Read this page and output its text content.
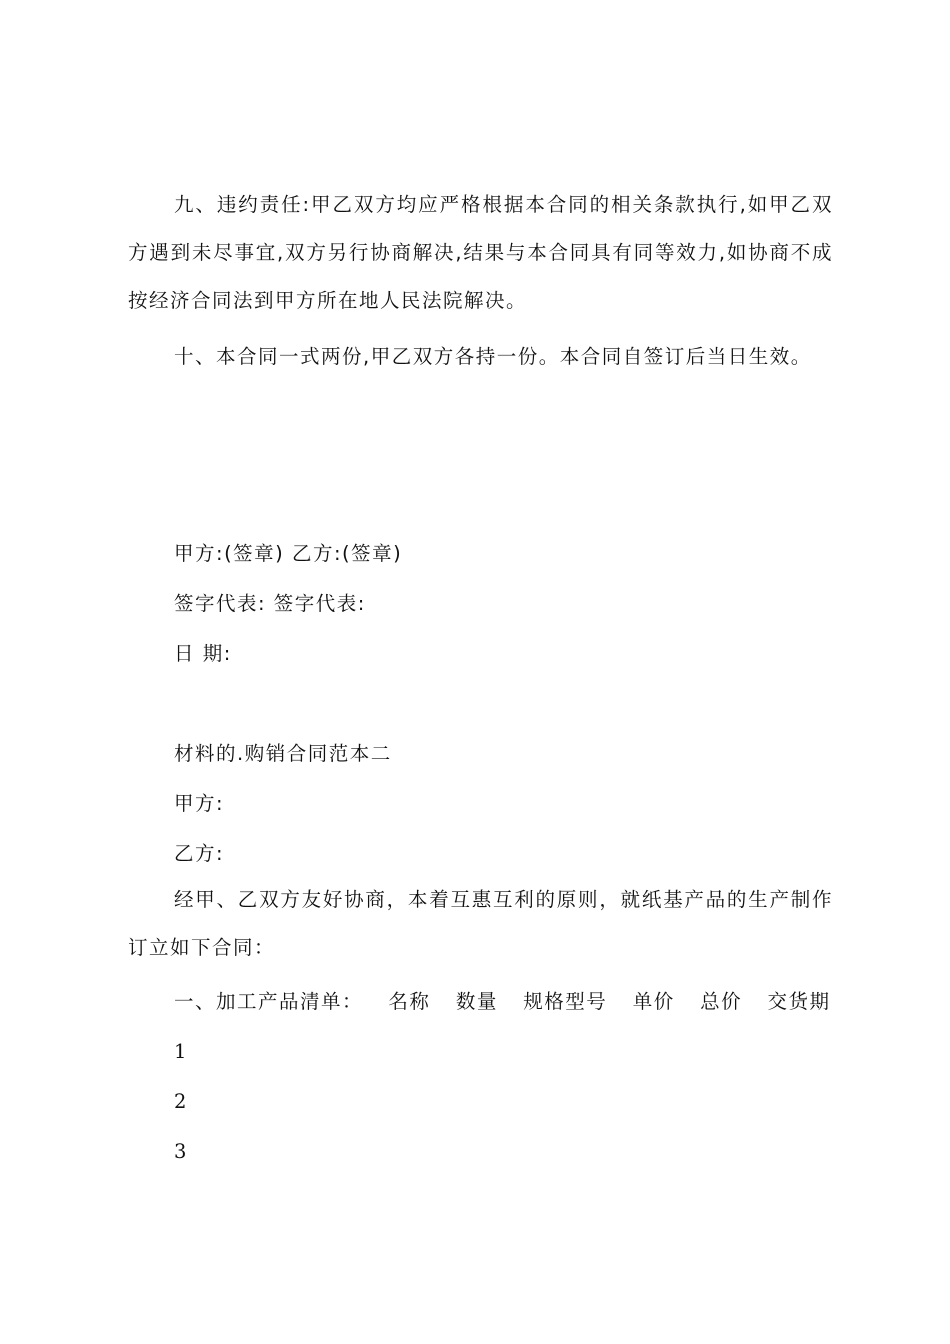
九、违约责任:甲乙双方均应严格根据本合同的相关条款执行,如甲乙双方遇到未尽事宜,双方另行协商解决,结果与本合同具有同等效力,如协商不成按经济合同法到甲方所在地人民法院解决。

十、本合同一式两份,甲乙双方各持一份。本合同自签订后当日生效。

甲方:(签章) 乙方:(签章)
签字代表: 签字代表:
日 期:
材料的.购销合同范本二
甲方:
乙方:

经甲、乙双方友好协商，本着互惠互利的原则，就纸基产品的生产制作订立如下合同：

一、加工产品清单： 名称 数量 规格型号 单价 总价 交货期
1
2
3
